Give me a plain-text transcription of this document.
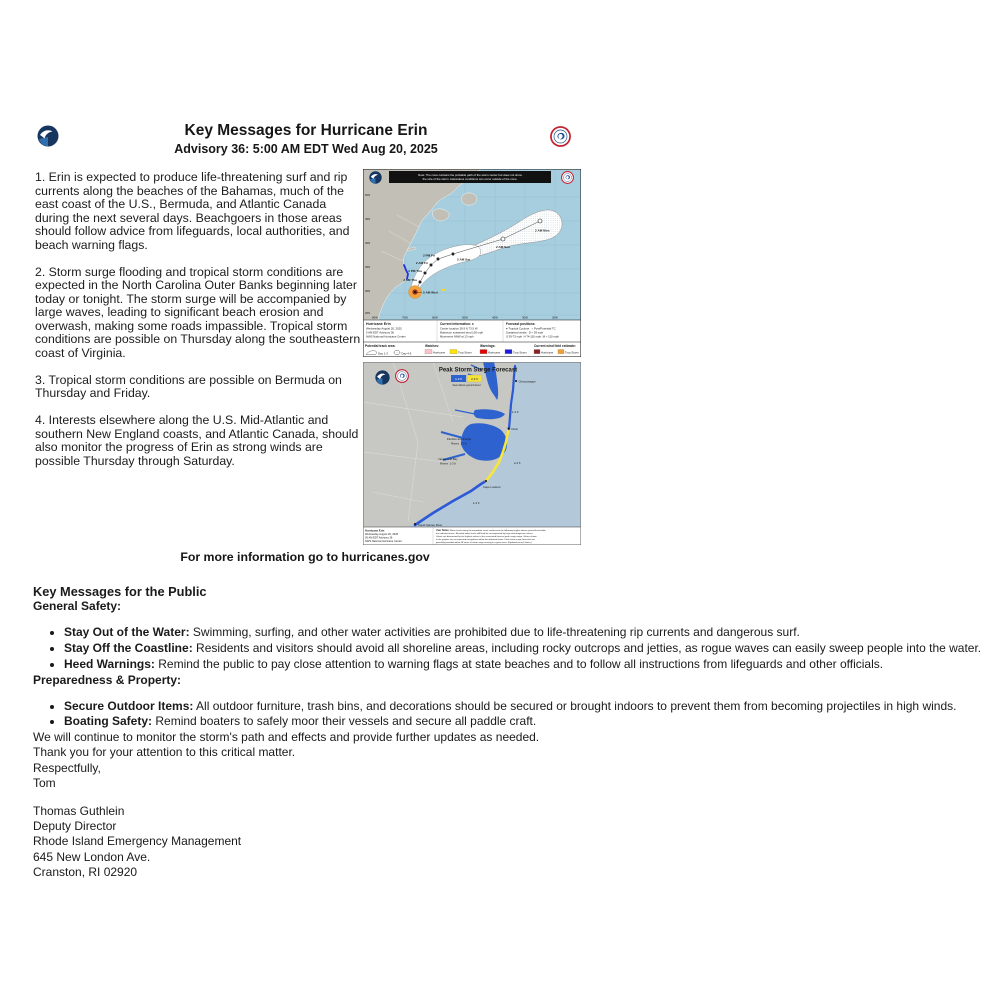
Key Messages for Hurricane Erin
Advisory 36: 5:00 AM EDT Wed Aug 20, 2025

1. Erin is expected to produce life-threatening surf and rip currents along the beaches of the Bahamas, much of the east coast of the U.S., Bermuda, and Atlantic Canada during the next several days. Beachgoers in those areas should follow advice from lifeguards, local authorities, and beach warning flags.

2. Storm surge flooding and tropical storm conditions are expected in the North Carolina Outer Banks beginning later today or tonight. The storm surge will be accompanied by large waves, leading to significant beach erosion and overwash, making some roads impassible. Tropical storm conditions are possible on Thursday along the southeastern coast of Virginia.

3. Tropical storm conditions are possible on Bermuda on Thursday and Friday.

4. Interests elsewhere along the U.S. Mid-Atlantic and southern New England coasts, and Atlantic Canada, should also monitor the progress of Erin as strong winds are possible Thursday through Saturday.

50N
45N
40N
35N
30N
25N
80W	70W	60W	50W	40W	30W	20W
5 AM Wed
2 AM Thu
2 PM Thu
2 AM Fri
2 PM Fri
2 AM Sat
2 AM Sun
2 AM Mon
Note: The cone contains the probable path of the storm center but does not show
the size of the storm. Hazardous conditions can occur outside of the cone.
Hurricane Erin
Wednesday August 20, 2025
5 AM EDT Advisory 36
NWS National Hurricane Center
Current information: x
Center location 28.9 N 73.5 W
Maximum sustained wind 100 mph
Movement NNW at 13 mph
Forecast positions:
● Tropical Cyclone   ○ Post/Potential TC
Sustained winds:  D < 39 mph
S 39-73 mph  H 74-110 mph  M > 110 mph
Potential track area:
Day 1-3	Day 4-5
Watches:
Hurricane	Trop Storm
Warnings:
Hurricane	Trop Storm
Current wind field estimate:
Hurricane	Trop Storm
Peak Storm Surge Forecast
1-3 ft	2-4 ft
Feet above ground level
Chincoteague
1-3 ft
Duck
2-4 ft
Cape Lookout
Pamlico and Pungo
Rivers  1-3 ft
Neuse and Bay
Rivers  1-3 ft
1-3 ft
South Santee River
Hurricane Erin
Wednesday August 20, 2025
05 AM EDT Advisory 36
NWS National Hurricane Center
User Notes: Water levels along the immediate coast could reach the following heights above ground level within
the indicated areas. Elevated water levels will likely be accompanied by large and dangerous waves.
Values are determined by the highest values in the associated forecast peak surge range. Values shown
in the graphic are not expected everywhere within the indicated areas. Peak storm surge forecasts are
generally provided within 48 hours of storm surge arriving in a given area. (Updated every 6 hours.)
For more information go to hurricanes.gov
Key Messages for the Public
General Safety:
• Stay Out of the Water: Swimming, surfing, and other water activities are prohibited due to life-threatening rip currents and dangerous surf.
• Stay Off the Coastline: Residents and visitors should avoid all shoreline areas, including rocky outcrops and jetties, as rogue waves can easily sweep people into the water.
• Heed Warnings: Remind the public to pay close attention to warning flags at state beaches and to follow all instructions from lifeguards and other officials.
Preparedness & Property:
• Secure Outdoor Items: All outdoor furniture, trash bins, and decorations should be secured or brought indoors to prevent them from becoming projectiles in high winds.
• Boating Safety: Remind boaters to safely moor their vessels and secure all paddle craft.
We will continue to monitor the storm's path and effects and provide further updates as needed.
Thank you for your attention to this critical matter.
Respectfully,
Tom
Thomas Guthlein
Deputy Director
Rhode Island Emergency Management
645 New London Ave.
Cranston, RI 02920
